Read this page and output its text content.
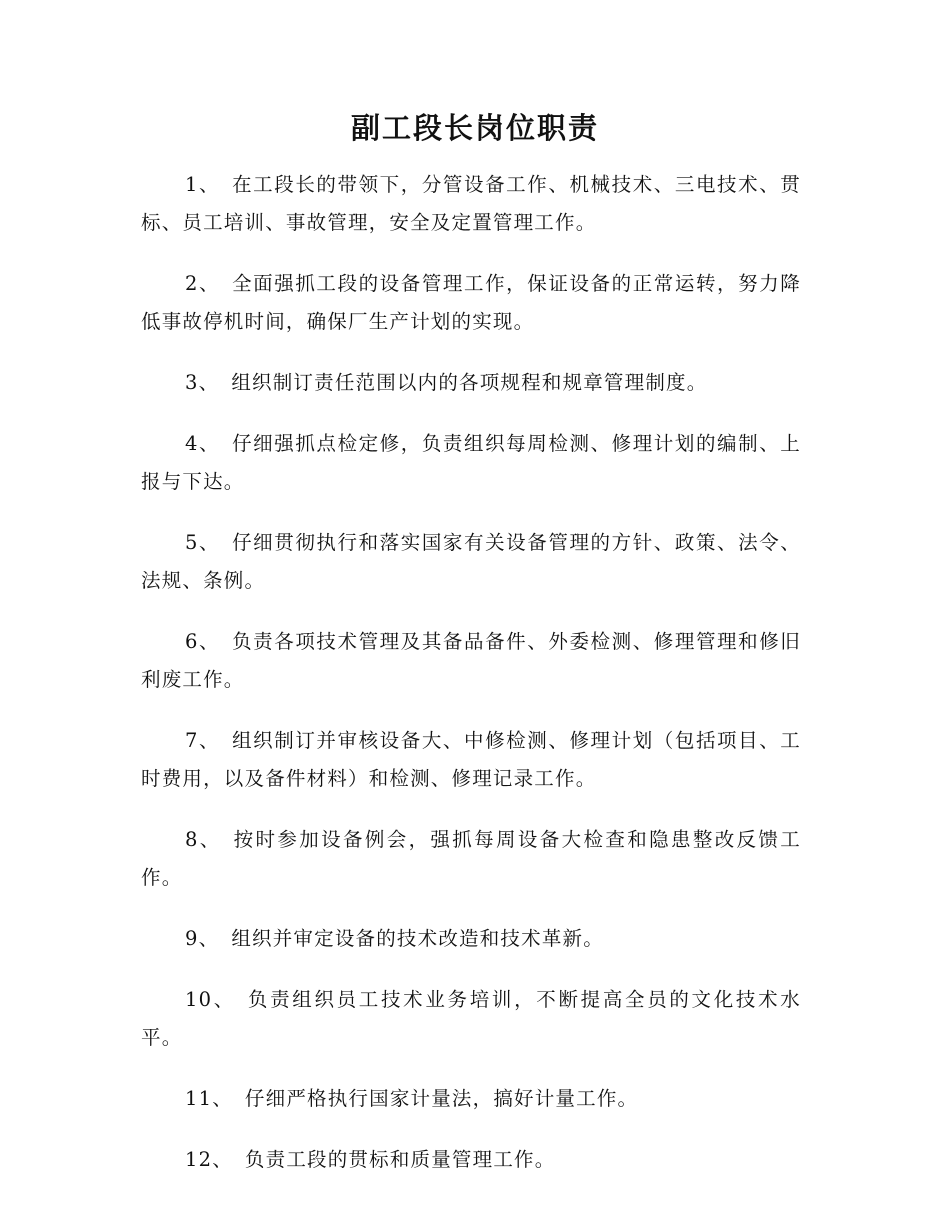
副工段长岗位职责

1、 在工段长的带领下，分管设备工作、机械技术、三电技术、贯标、员工培训、事故管理，安全及定置管理工作。

2、 全面强抓工段的设备管理工作，保证设备的正常运转，努力降低事故停机时间，确保厂生产计划的实现。

3、 组织制订责任范围以内的各项规程和规章管理制度。

4、 仔细强抓点检定修，负责组织每周检测、修理计划的编制、上报与下达。

5、 仔细贯彻执行和落实国家有关设备管理的方针、政策、法令、法规、条例。

6、 负责各项技术管理及其备品备件、外委检测、修理管理和修旧利废工作。

7、 组织制订并审核设备大、中修检测、修理计划（包括项目、工时费用，以及备件材料）和检测、修理记录工作。

8、 按时参加设备例会，强抓每周设备大检查和隐患整改反馈工作。

9、 组织并审定设备的技术改造和技术革新。

10、 负责组织员工技术业务培训，不断提高全员的文化技术水平。

11、 仔细严格执行国家计量法，搞好计量工作。

12、 负责工段的贯标和质量管理工作。
